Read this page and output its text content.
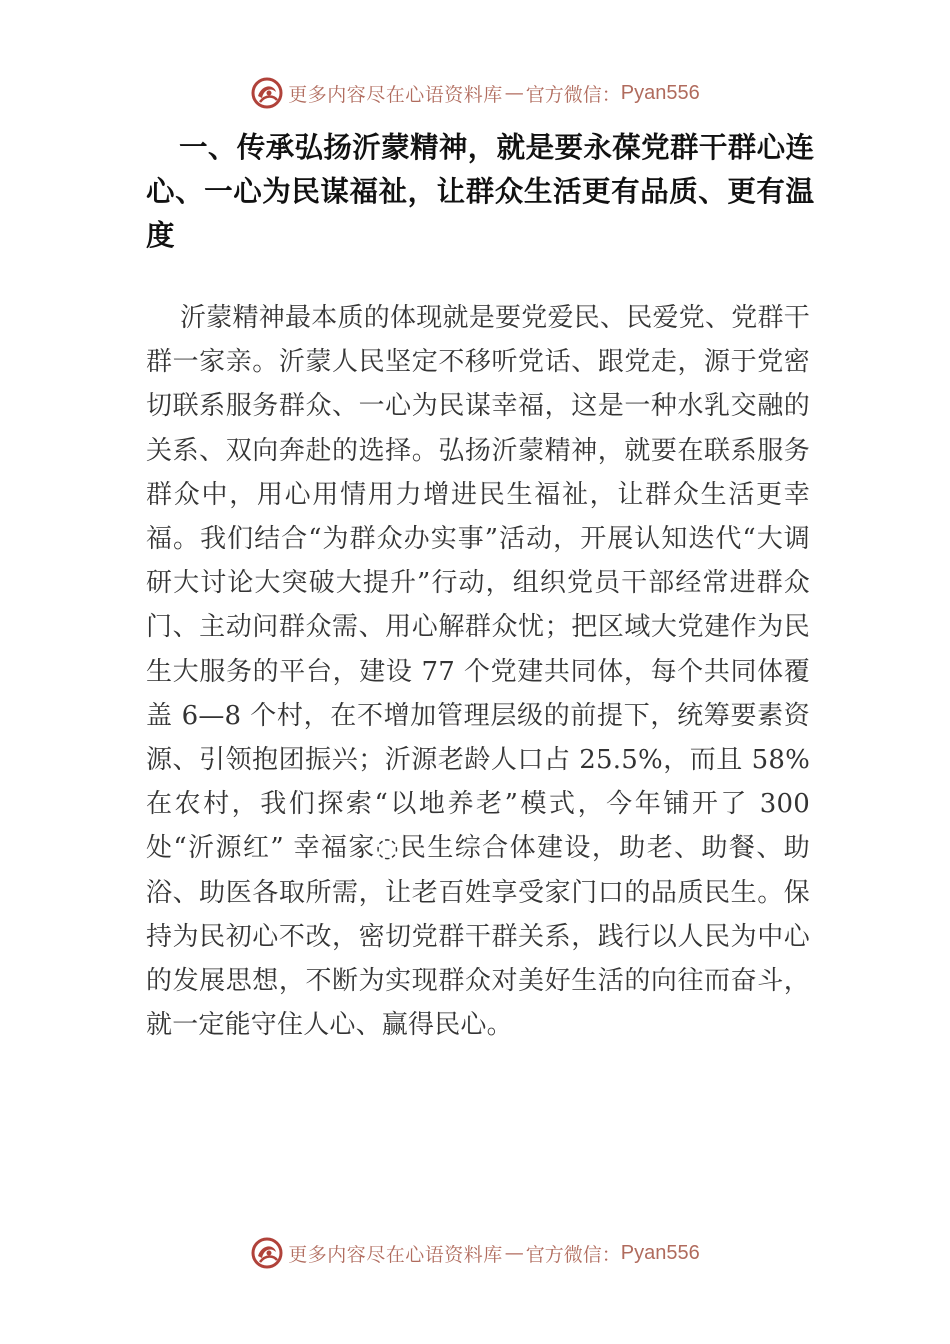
更多内容尽在心语资料库 — 官方微信： Pyan556
一、传承弘扬沂蒙精神，就是要永葆党群干群心连心、一心为民谋福祉，让群众生活更有品质、更有温度

沂蒙精神最本质的体现就是要党爱民、民爱党、党群干群一家亲。沂蒙人民坚定不移听党话、跟党走，源于党密切联系服务群众、一心为民谋幸福，这是一种水乳交融的关系、双向奔赴的选择。弘扬沂蒙精神，就要在联系服务群众中，用心用情用力增进民生福祉，让群众生活更幸福。我们结合“为群众办实事”活动，开展认知迭代“大调研大讨论大突破大提升”行动，组织党员干部经常进群众门、主动问群众需、用心解群众忧；把区域大党建作为民生大服务的平台，建设 77 个党建共同体，每个共同体覆盖 6—8 个村，在不增加管理层级的前提下，统筹要素资源、引领抱团振兴；沂源老龄人口占 25.5%，而且 58%在农村，我们探索“以地养老”模式，今年铺开了 300 处“沂源红” 幸福家◌民生综合体建设，助老、助餐、助浴、助医各取所需，让老百姓享受家门口的品质民生。保持为民初心不改，密切党群干群关系，践行以人民为中心的发展思想，不断为实现群众对美好生活的向往而奋斗，就一定能守住人心、赢得民心。

更多内容尽在心语资料库 — 官方微信： Pyan556
